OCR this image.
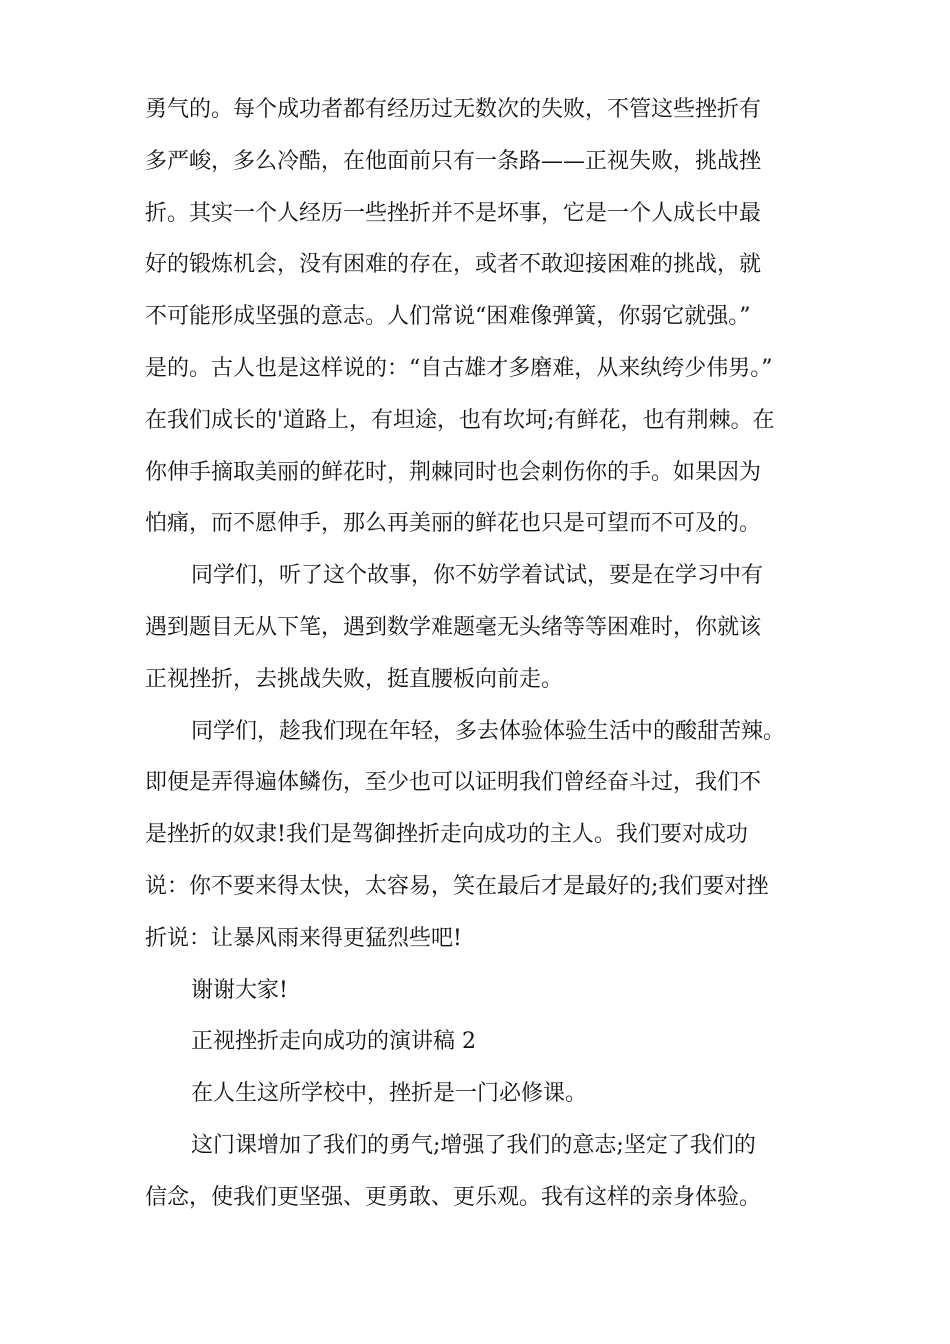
勇气的。每个成功者都有经历过无数次的失败，不管这些挫折有
多严峻，多么冷酷，在他面前只有一条路——正视失败，挑战挫
折。其实一个人经历一些挫折并不是坏事，它是一个人成长中最
好的锻炼机会，没有困难的存在，或者不敢迎接困难的挑战，就
不可能形成坚强的意志。人们常说“困难像弹簧，你弱它就强。”
是的。古人也是这样说的：“自古雄才多磨难，从来纨绔少伟男。”
在我们成长的'道路上，有坦途，也有坎坷;有鲜花，也有荆棘。在
你伸手摘取美丽的鲜花时，荆棘同时也会刺伤你的手。如果因为
怕痛，而不愿伸手，那么再美丽的鲜花也只是可望而不可及的。

同学们，听了这个故事，你不妨学着试试，要是在学习中有
遇到题目无从下笔，遇到数学难题毫无头绪等等困难时，你就该
正视挫折，去挑战失败，挺直腰板向前走。

同学们，趁我们现在年轻，多去体验体验生活中的酸甜苦辣。
即便是弄得遍体鳞伤，至少也可以证明我们曾经奋斗过，我们不
是挫折的奴隶!我们是驾御挫折走向成功的主人。我们要对成功
说：你不要来得太快，太容易，笑在最后才是最好的;我们要对挫
折说：让暴风雨来得更猛烈些吧!

谢谢大家!

正视挫折走向成功的演讲稿 2

在人生这所学校中，挫折是一门必修课。

这门课增加了我们的勇气;增强了我们的意志;坚定了我们的
信念，使我们更坚强、更勇敢、更乐观。我有这样的亲身体验。
